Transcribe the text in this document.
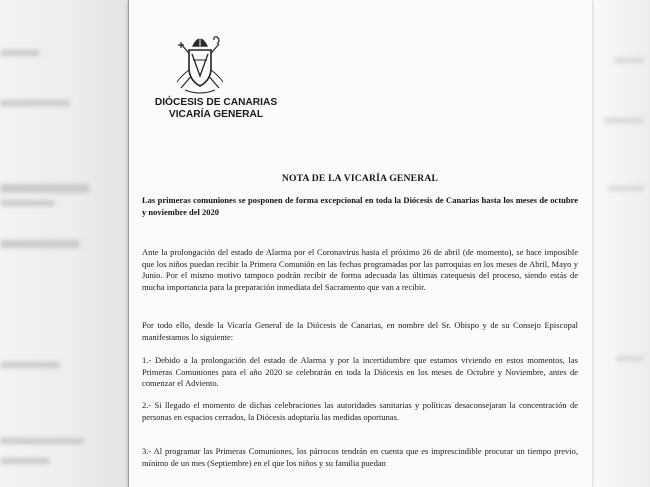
DIÓCESIS DE CANARIAS
VICARÍA GENERAL
NOTA DE LA VICARÍA GENERAL
Las primeras comuniones se posponen de forma excepcional en toda la Diócesis de Canarias hasta los meses de octubre y noviembre del 2020
Ante la prolongación del estado de Alarma por el Coronavirus hasta el próximo 26 de abril (de momento), se hace imposible que los niños puedan recibir la Primera Comunión en las fechas programadas por las parroquias en los meses de Abril, Mayo y Junio. Por el mismo motivo tampoco podrán recibir de forma adecuada las últimas catequesis del proceso, siendo estás de mucha importancia para la preparación inmediata del Sacramento que van a recibir.
Por todo ello, desde la Vicaría General de la Diócesis de Canarias, en nombre del Sr. Obispo y de su Consejo Episcopal manifestamos lo siguiente:
1.- Debido a la prolongación del estado de Alarma y por la incertidumbre que estamos viviendo en estos momentos, las Primeras Comuniones para el año 2020 se celebrarán en toda la Diócesis en los meses de Octubre y Noviembre, antes de comenzar el Adviento.
2.- Si llegado el momento de dichas celebraciones las autoridades sanitarias y políticas desaconsejaran la concentración de personas en espacios cerrados, la Diócesis adoptaría las medidas oportunas.
3.- Al programar las Primeras Comuniones, los párrocos tendrán en cuenta que es imprescindible procurar un tiempo previo, mínimo de un mes (Septiembre) en el que los niños y su familia puedan
